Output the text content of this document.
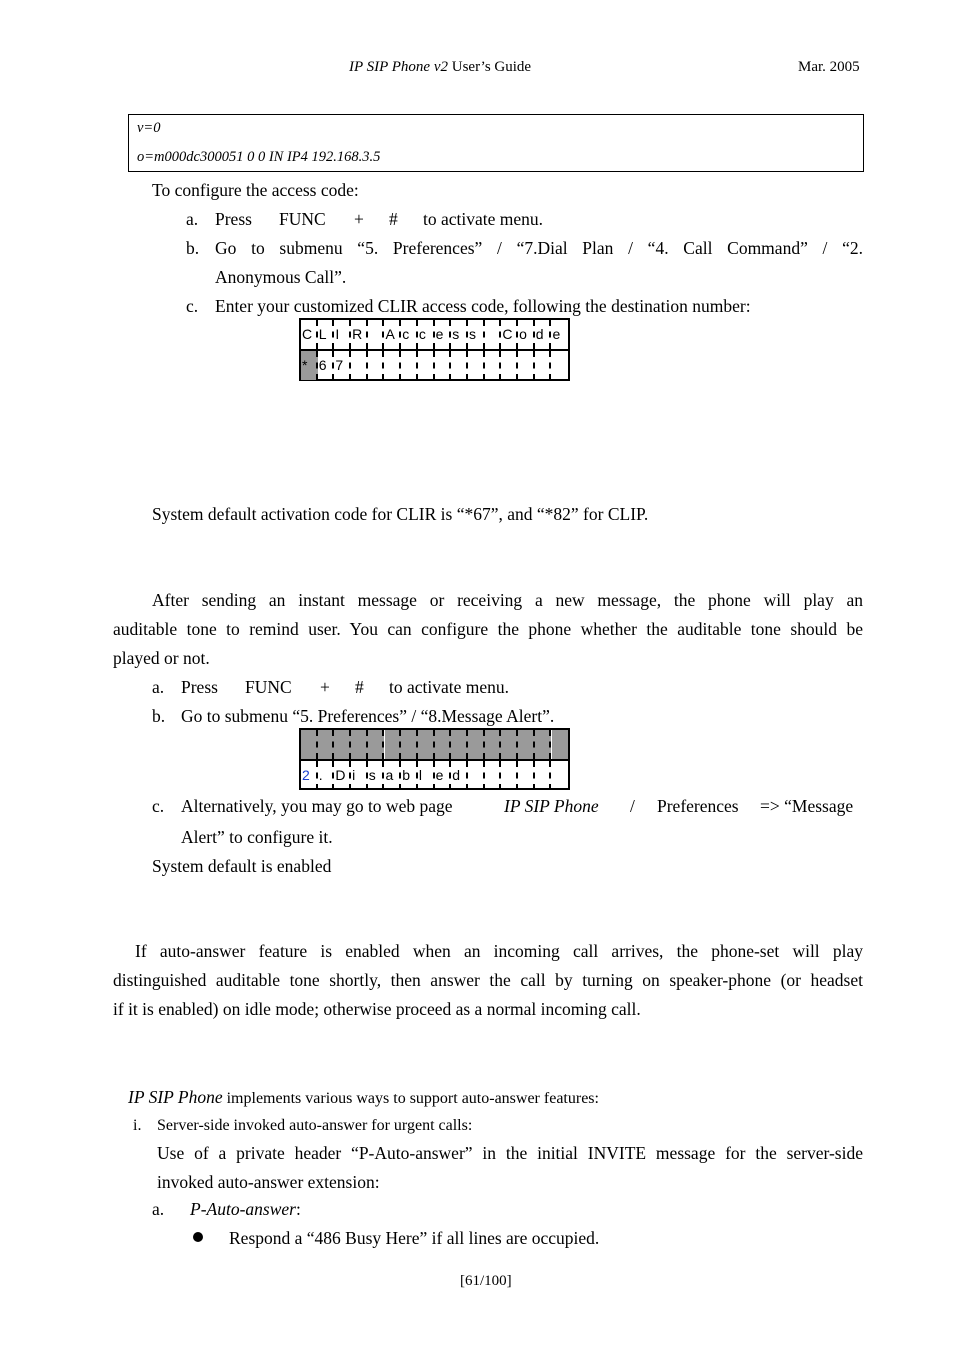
IP SIP Phone v2 User’s Guide	Mar. 2005
v=0
o=m000dc300051 0 0 IN IP4 192.168.3.5
To configure the access code:
a. Press FUNC + # to activate menu.
b. Go to submenu “5. Preferences” / “7.Dial Plan / “4. Call Command” / “2.
Anonymous Call”.
c. Enter your customized CLIR access code, following the destination number:
C L I R	A c c e s s	C o d e
* 6 7
System default activation code for CLIR is “*67”, and “*82” for CLIP.
After sending an instant message or receiving a new message, the phone will play an
auditable tone to remind user. You can configure the phone whether the auditable tone should be
played or not.
a. Press FUNC + # to activate menu.
b. Go to submenu “5. Preferences” / “8.Message Alert”.
2 . D i s a b l e d
c. Alternatively, you may go to web page	IP SIP Phone / Preferences => “Message
Alert” to configure it.
System default is enabled
If auto-answer feature is enabled when an incoming call arrives, the phone-set will play
distinguished auditable tone shortly, then answer the call by turning on speaker-phone (or headset
if it is enabled) on idle mode; otherwise proceed as a normal incoming call.
IP SIP Phone implements various ways to support auto-answer features:
i. Server-side invoked auto-answer for urgent calls:
Use of a private header “P-Auto-answer” in the initial INVITE message for the server-side
invoked auto-answer extension:
a. P-Auto-answer:
Respond a “486 Busy Here” if all lines are occupied.
[61/100]
